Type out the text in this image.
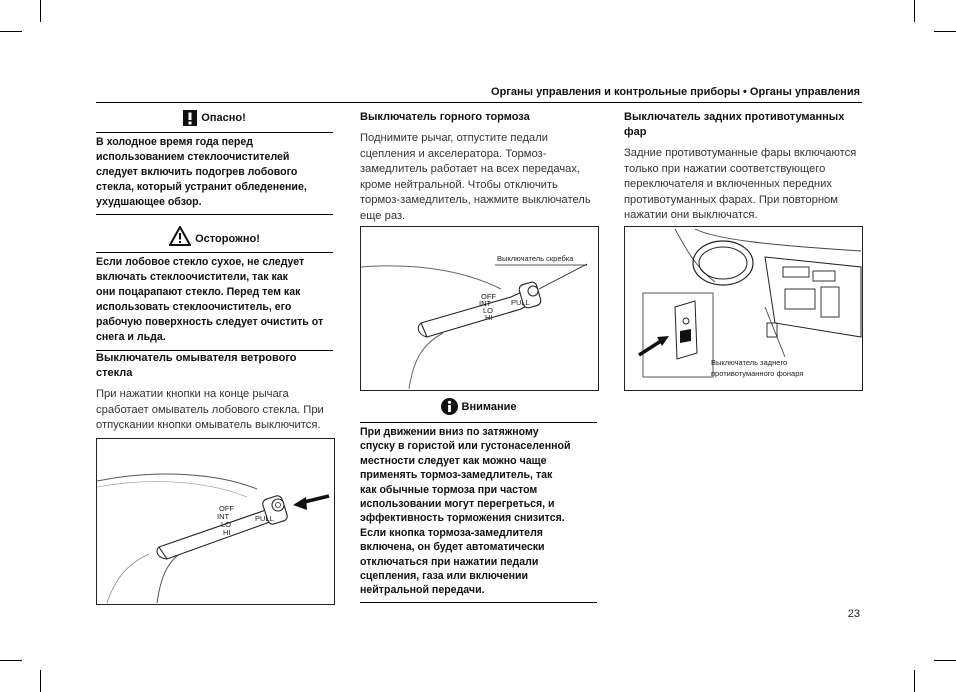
Органы управления и контрольные приборы • Органы управления
Опасно!
В холодное время года перед
использованием стеклоочистителей
следует включить подогрев лобового
стекла, который устранит обледенение,
ухудшающее обзор.
Осторожно!
Если лобовое стекло сухое, не следует
включать стеклоочистители, так как
они поцарапают стекло. Перед тем как
использовать стеклоочиститель, его
рабочую поверхность следует очистить от
снега и льда.
Выключатель омывателя ветрового
стекла
При нажатии кнопки на конце рычага
сработает омыватель лобового стекла. При
отпускании кнопки омыватель выключится.
OFF
INT
LO
HI
PULL
Выключатель горного тормоза
Поднимите рычаг, отпустите педали
сцепления и акселератора. Тормоз-
замедлитель работает на всех передачах,
кроме нейтральной. Чтобы отключить
тормоз-замедлитель, нажмите выключатель
еще раз.
Выключатель скребка
OFF
INT
LO
HI
PULL
Внимание
При движении вниз по затяжному
спуску в гористой или густонаселенной
местности следует как можно чаще
применять тормоз-замедлитель, так
как обычные тормоза при частом
использовании могут перегреться, и
эффективность торможения снизится.
Если кнопка тормоза-замедлителя
включена, он будет автоматически
отключаться при нажатии педали
сцепления, газа или включении
нейтральной передачи.
Выключатель задних противотуманных
фар
Задние противотуманные фары включаются
только при нажатии соответствующего
переключателя и включенных передних
противотуманных фарах. При повторном
нажатии они выключатся.
Выключатель заднего
противотуманного фонаря
23
